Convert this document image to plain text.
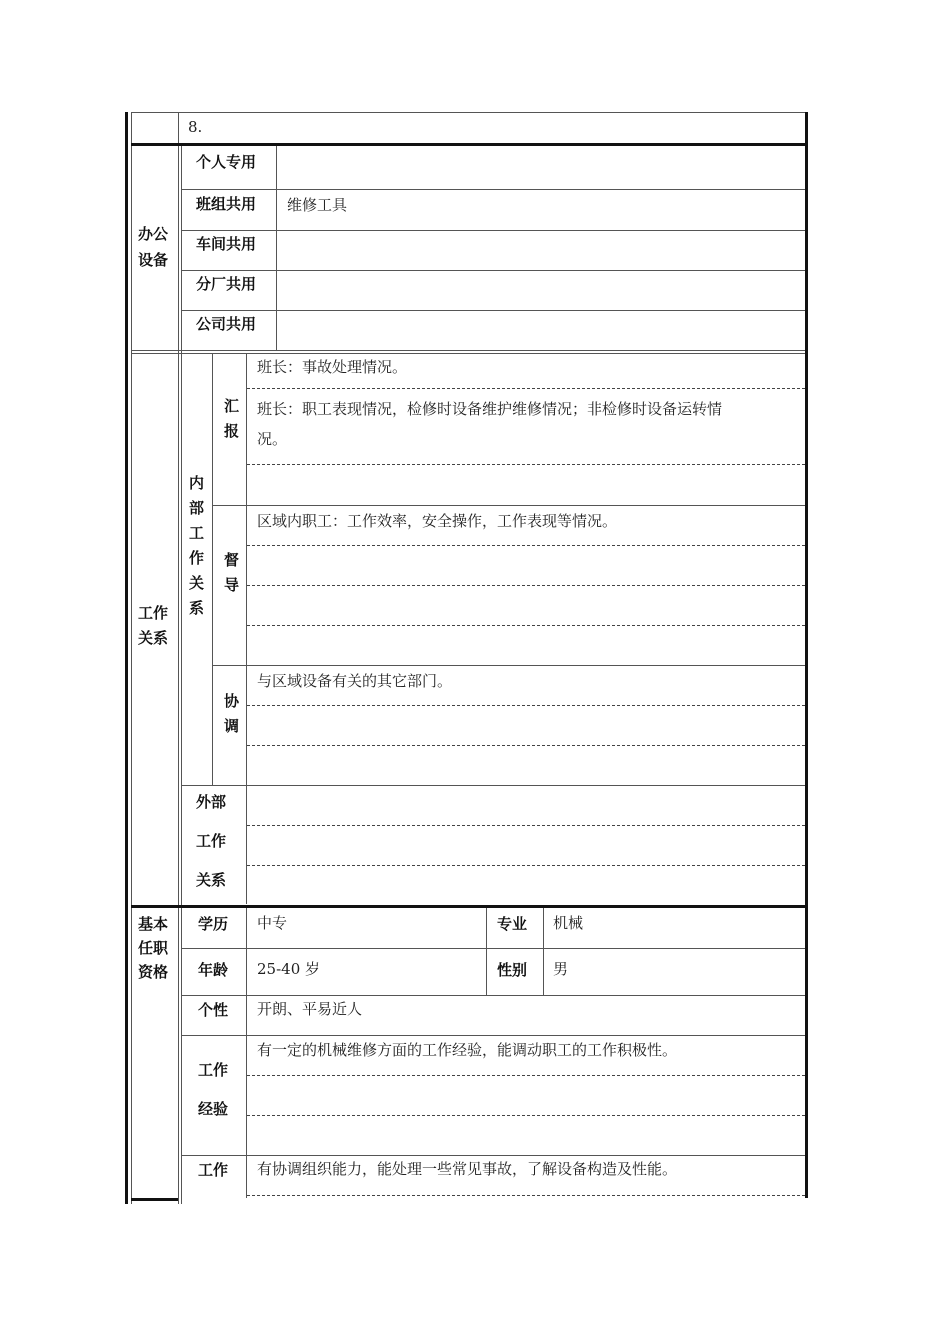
8.
办公
设备
个人专用
班组共用 维修工具
车间共用
分厂共用
公司共用
工作
关系
内部工作关系
汇报
班长：事故处理情况。
班长：职工表现情况，检修时设备维护维修情况；非检修时设备运转情
况。
督导
区域内职工：工作效率，安全操作，工作表现等情况。
协调
与区域设备有关的其它部门。
外部
工作
关系
基本
任职
资格
学历 中专	专业 机械
年龄 25-40 岁	性别 男
个性 开朗、平易近人
工作
经验
有一定的机械维修方面的工作经验，能调动职工的工作积极性。
工作 有协调组织能力，能处理一些常见事故，了解设备构造及性能。
